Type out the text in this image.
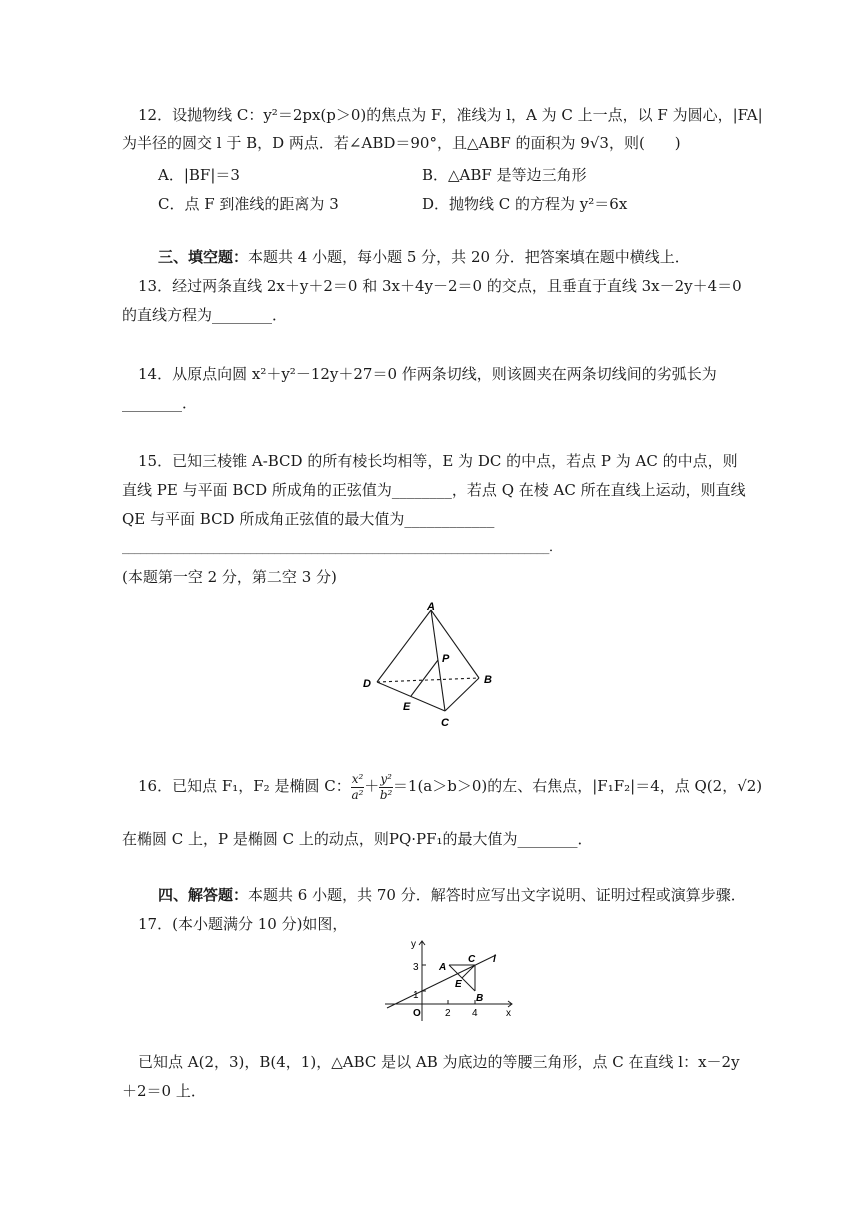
12．设抛物线 C：y²＝2px(p＞0)的焦点为 F，准线为 l，A 为 C 上一点，以 F 为圆心，|FA|
为半径的圆交 l 于 B，D 两点．若∠ABD＝90°，且△ABF 的面积为 9√3，则(　　)
A．|BF|＝3	B．△ABF 是等边三角形
C．点 F 到准线的距离为 3	D．抛物线 C 的方程为 y²＝6x
三、填空题：本题共 4 小题，每小题 5 分，共 20 分．把答案填在题中横线上．
13．经过两条直线 2x＋y＋2＝0 和 3x＋4y－2＝0 的交点，且垂直于直线 3x－2y＋4＝0
的直线方程为________．
14．从原点向圆 x²＋y²－12y＋27＝0 作两条切线，则该圆夹在两条切线间的劣弧长为
________．
15．已知三棱锥 A-BCD 的所有棱长均相等，E 为 DC 的中点，若点 P 为 AC 的中点，则
直线 PE 与平面 BCD 所成角的正弦值为________，若点 Q 在棱 AC 所在直线上运动，则直线
QE 与平面 BCD 所成角正弦值的最大值为____________
______________________________________________________________________．
(本题第一空 2 分，第二空 3 分)
A
D	B
C
E
P
16．已知点 F₁，F₂ 是椭圆 C： $\frac{\text{x²}}{\text{a²}} + \frac{\text{y²}}{\text{b²}} =1(a>b>0)$的左、右焦点，|F₁F₂|＝4，点 Q(2，√2)
在椭圆 C 上，P 是椭圆 C 上的动点，则PQ·PF₁的最大值为________．
四、解答题：本题共 6 小题，共 70 分．解答时应写出文字说明、证明过程或演算步骤．
17．(本小题满分 10 分)如图，
y
x
O
1
3
2 4
A
C
E
B
l
已知点 A(2，3)，B(4，1)，△ABC 是以 AB 为底边的等腰三角形，点 C 在直线 l：x－2y
＋2＝0 上．
